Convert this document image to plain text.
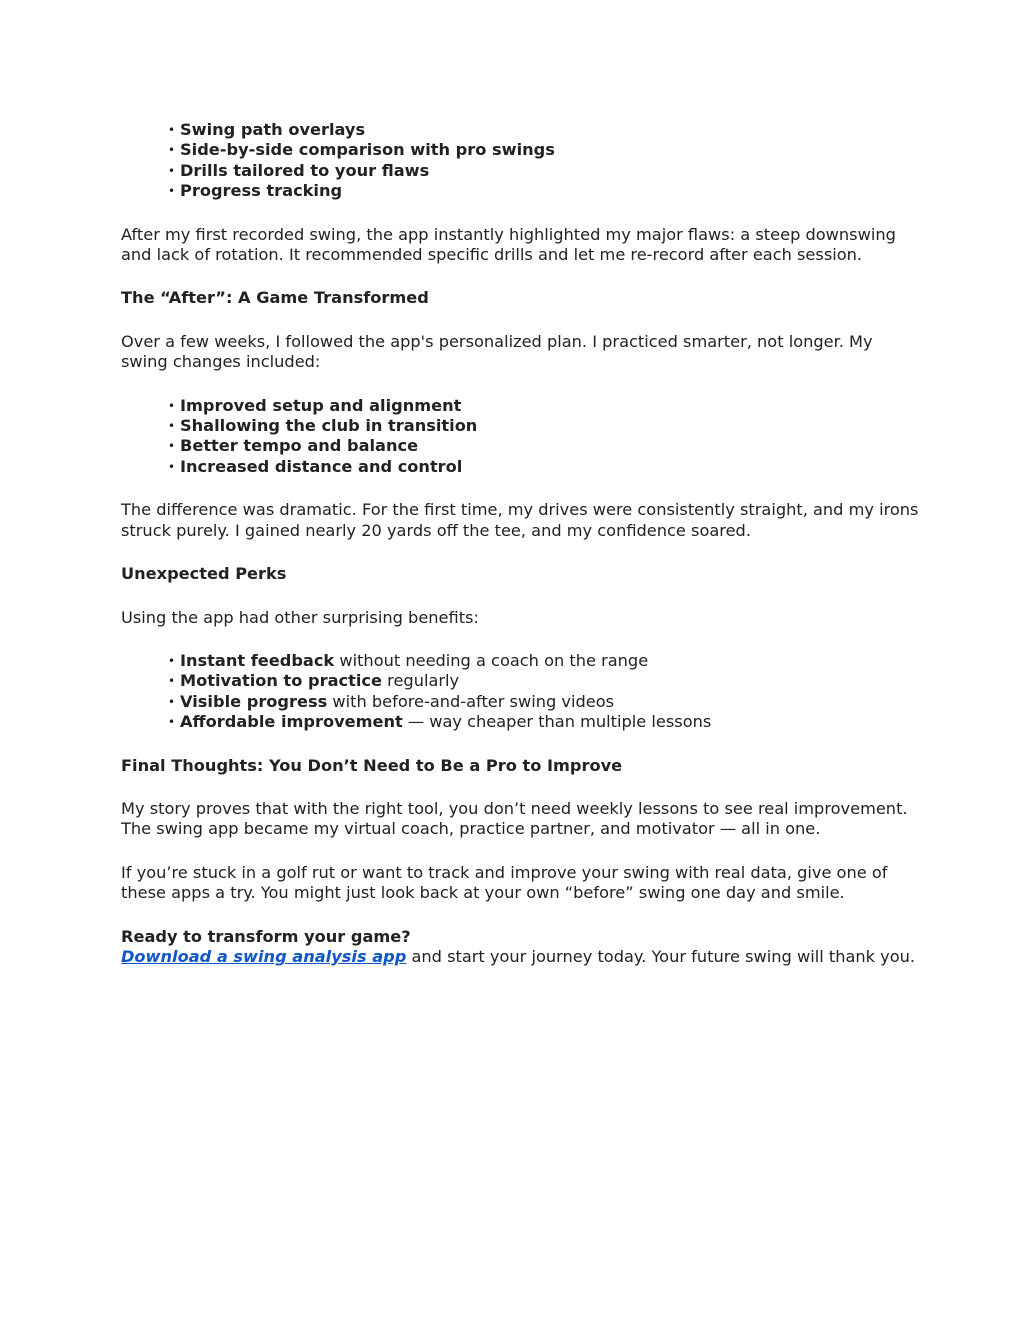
• Swing path overlays
• Side-by-side comparison with pro swings
• Drills tailored to your flaws
• Progress tracking

After my first recorded swing, the app instantly highlighted my major flaws: a steep downswing and lack of rotation. It recommended specific drills and let me re-record after each session.

The “After”: A Game Transformed

Over a few weeks, I followed the app's personalized plan. I practiced smarter, not longer. My swing changes included:

• Improved setup and alignment
• Shallowing the club in transition
• Better tempo and balance
• Increased distance and control

The difference was dramatic. For the first time, my drives were consistently straight, and my irons struck purely. I gained nearly 20 yards off the tee, and my confidence soared.

Unexpected Perks

Using the app had other surprising benefits:

• Instant feedback without needing a coach on the range
• Motivation to practice regularly
• Visible progress with before-and-after swing videos
• Affordable improvement — way cheaper than multiple lessons

Final Thoughts: You Don’t Need to Be a Pro to Improve

My story proves that with the right tool, you don’t need weekly lessons to see real improvement. The swing app became my virtual coach, practice partner, and motivator — all in one.

If you’re stuck in a golf rut or want to track and improve your swing with real data, give one of these apps a try. You might just look back at your own “before” swing one day and smile.

Ready to transform your game?

Download a swing analysis app and start your journey today. Your future swing will thank you.
